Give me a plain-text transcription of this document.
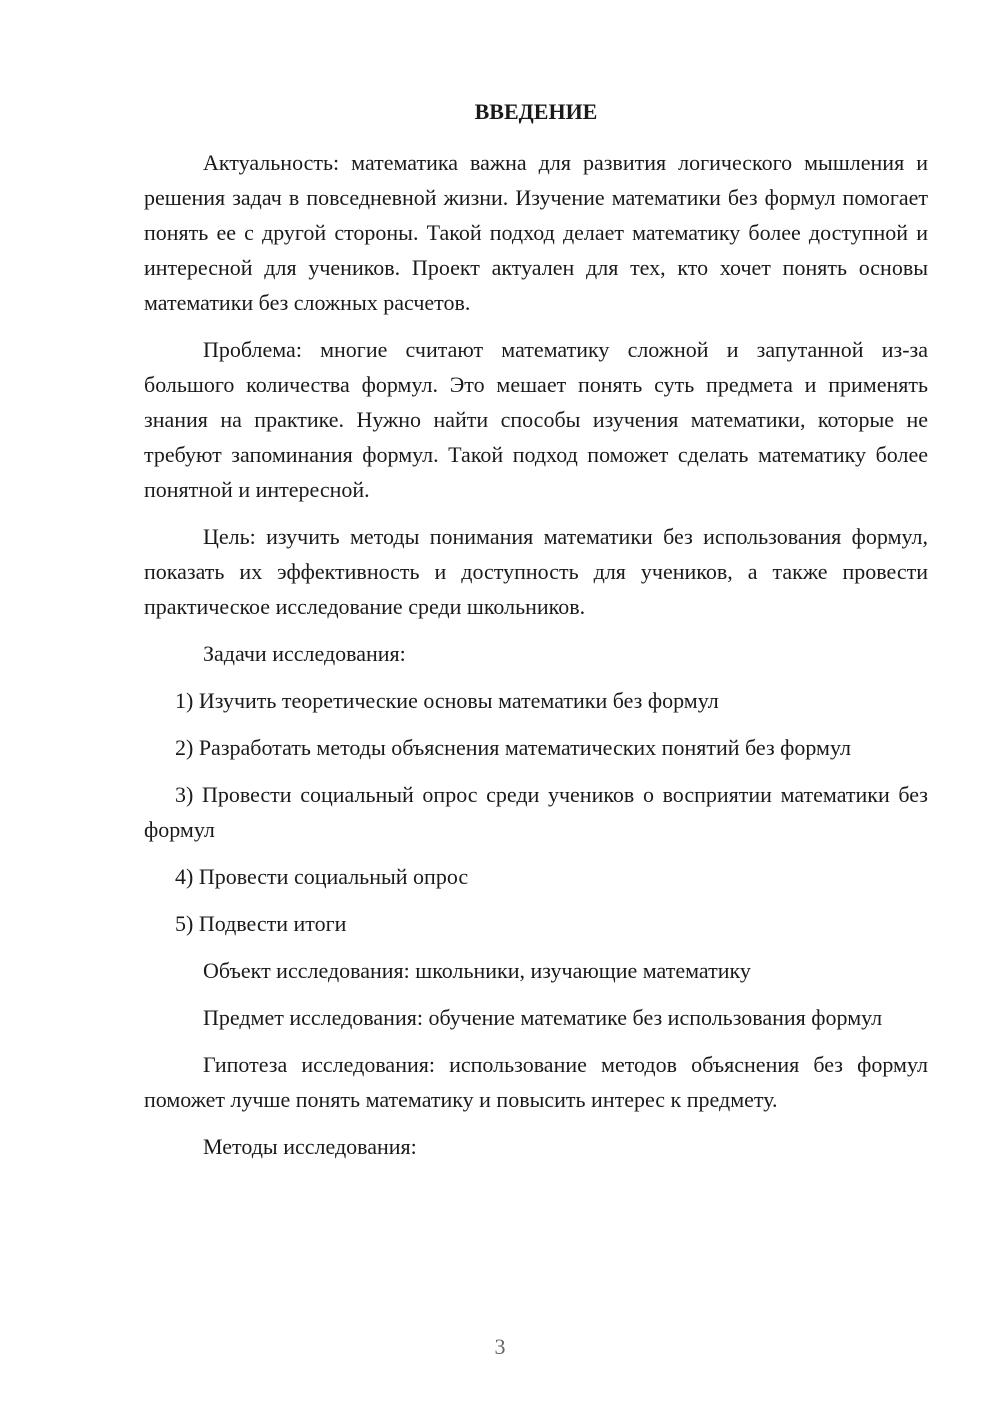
ВВЕДЕНИЕ

Актуальность: математика важна для развития логического мышления и решения задач в повседневной жизни. Изучение математики без формул помогает понять ее с другой стороны. Такой подход делает математику более доступной и интересной для учеников. Проект актуален для тех, кто хочет понять основы математики без сложных расчетов.

Проблема: многие считают математику сложной и запутанной из-за большого количества формул. Это мешает понять суть предмета и применять знания на практике. Нужно найти способы изучения математики, которые не требуют запоминания формул. Такой подход поможет сделать математику более понятной и интересной.

Цель: изучить методы понимания математики без использования формул, показать их эффективность и доступность для учеников, а также провести практическое исследование среди школьников.

Задачи исследования:

1) Изучить теоретические основы математики без формул

2) Разработать методы объяснения математических понятий без формул

3) Провести социальный опрос среди учеников о восприятии математики без формул

4) Провести социальный опрос

5) Подвести итоги

Объект исследования: школьники, изучающие математику

Предмет исследования: обучение математике без использования формул

Гипотеза исследования: использование методов объяснения без формул поможет лучше понять математику и повысить интерес к предмету.

Методы исследования:

3
